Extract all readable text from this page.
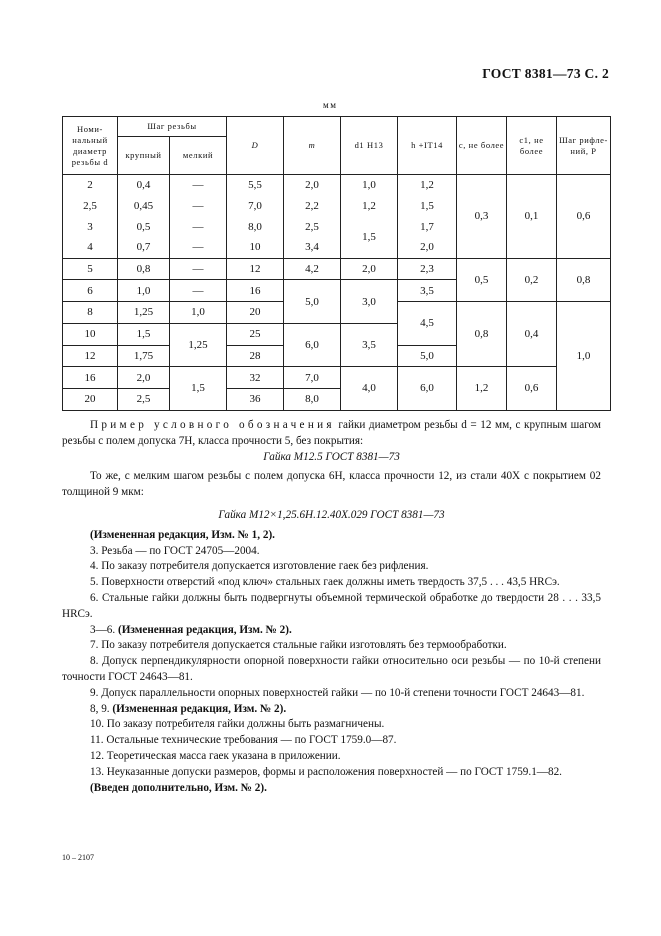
ГОСТ 8381—73 С. 2
мм
Номи-нальный диаметр резьбы d	Шаг резьбы		D	m	d1 H13	h +IT14	с, не более	c1, не более	Шаг рифле-ний, P
	крупный	мелкий							
2	0,4	—	5,5	2,0	1,0	1,2	0,3	0,1	0,6
2,5	0,45	—	7,0	2,2	1,2	1,5			
3	0,5	—	8,0	2,5	1,5	1,7			
4	0,7	—	10	3,4		2,0			
5	0,8	—	12	4,2	2,0	2,3	0,5	0,2	0,8
6	1,0	—	16	5,0	3,0	3,5			
8	1,25	1,0	20			4,5	0,8	0,4	1,0
10	1,5	1,25	25	6,0	3,5				
12	1,75		28			5,0			
16	2,0	1,5	32	7,0	4,0	6,0	1,2	0,6	
20	2,5		36	8,0					

Пример условного обозначения гайки диаметром резьбы d = 12 мм, с крупным шагом резьбы с полем допуска 7H, класса прочности 5, без покрытия:

Гайка М12.5 ГОСТ 8381—73

То же, с мелким шагом резьбы с полем допуска 6H, класса прочности 12, из стали 40X с покрытием 02 толщиной 9 мкм:

Гайка М12×1,25.6H.12.40X.029 ГОСТ 8381—73

(Измененная редакция, Изм. № 1, 2).

3. Резьба — по ГОСТ 24705—2004.

4. По заказу потребителя допускается изготовление гаек без рифления.

5. Поверхности отверстий «под ключ» стальных гаек должны иметь твердость 37,5 . . . 43,5 HRCэ.

6. Стальные гайки должны быть подвергнуты объемной термической обработке до твердости 28 . . . 33,5 HRCэ.

3—6. (Измененная редакция, Изм. № 2).

7. По заказу потребителя допускается стальные гайки изготовлять без термообработки.

8. Допуск перпендикулярности опорной поверхности гайки относительно оси резьбы — по 10-й степени точности ГОСТ 24643—81.

9. Допуск параллельности опорных поверхностей гайки — по 10-й степени точности ГОСТ 24643—81.

8, 9. (Измененная редакция, Изм. № 2).

10. По заказу потребителя гайки должны быть размагничены.

11. Остальные технические требования — по ГОСТ 1759.0—87.

12. Теоретическая масса гаек указана в приложении.

13. Неуказанные допуски размеров, формы и расположения поверхностей — по ГОСТ 1759.1—82.

(Введен дополнительно, Изм. № 2).

10 – 2107
